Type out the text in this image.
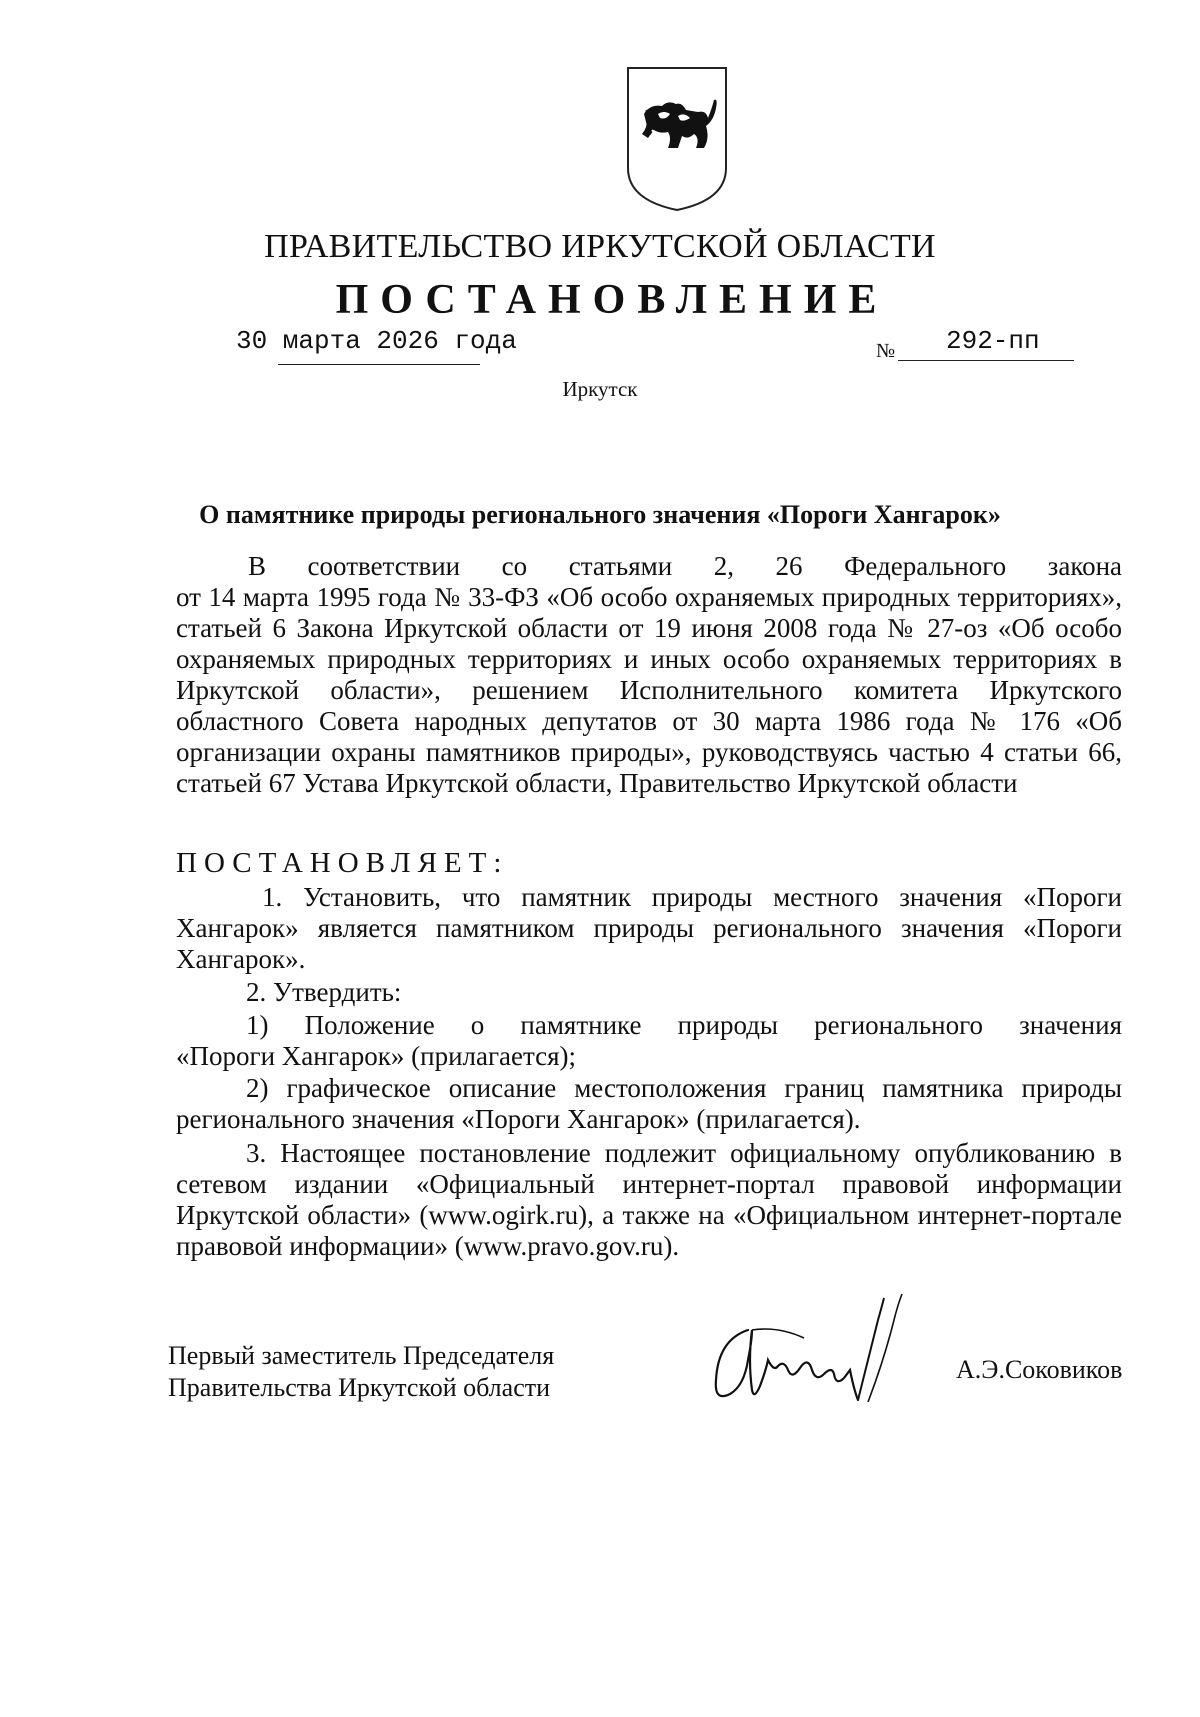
ПРАВИТЕЛЬСТВО ИРКУТСКОЙ ОБЛАСТИ
ПОСТАНОВЛЕНИЕ
30 марта 2026 года	№ 292-пп
Иркутск
О памятнике природы регионального значения «Пороги Хангарок»
В соответствии со статьями 2, 26 Федерального закона
от 14 марта 1995 года № 33-ФЗ «Об особо охраняемых природных территориях», статьей 6 Закона Иркутской области от 19 июня 2008 года № 27-оз «Об особо охраняемых природных территориях и иных особо охраняемых территориях в Иркутской области», решением Исполнительного комитета Иркутского областного Совета народных депутатов от 30 марта 1986 года № 176 «Об организации охраны памятников природы», руководствуясь частью 4 статьи 66, статьей 67 Устава Иркутской области, Правительство Иркутской области
ПОСТАНОВЛЯЕТ:
1. Установить, что памятник природы местного значения «Пороги Хангарок» является памятником природы регионального значения «Пороги Хангарок».
2. Утвердить:
1) Положение о памятнике природы регионального значения
«Пороги Хангарок» (прилагается);
2) графическое описание местоположения границ памятника природы регионального значения «Пороги Хангарок» (прилагается).
3. Настоящее постановление подлежит официальному опубликованию в сетевом издании «Официальный интернет-портал правовой информации Иркутской области» (www.ogirk.ru), а также на «Официальном интернет-портале правовой информации» (www.pravo.gov.ru).
Первый заместитель Председателя
Правительства Иркутской области
А.Э.Соковиков
